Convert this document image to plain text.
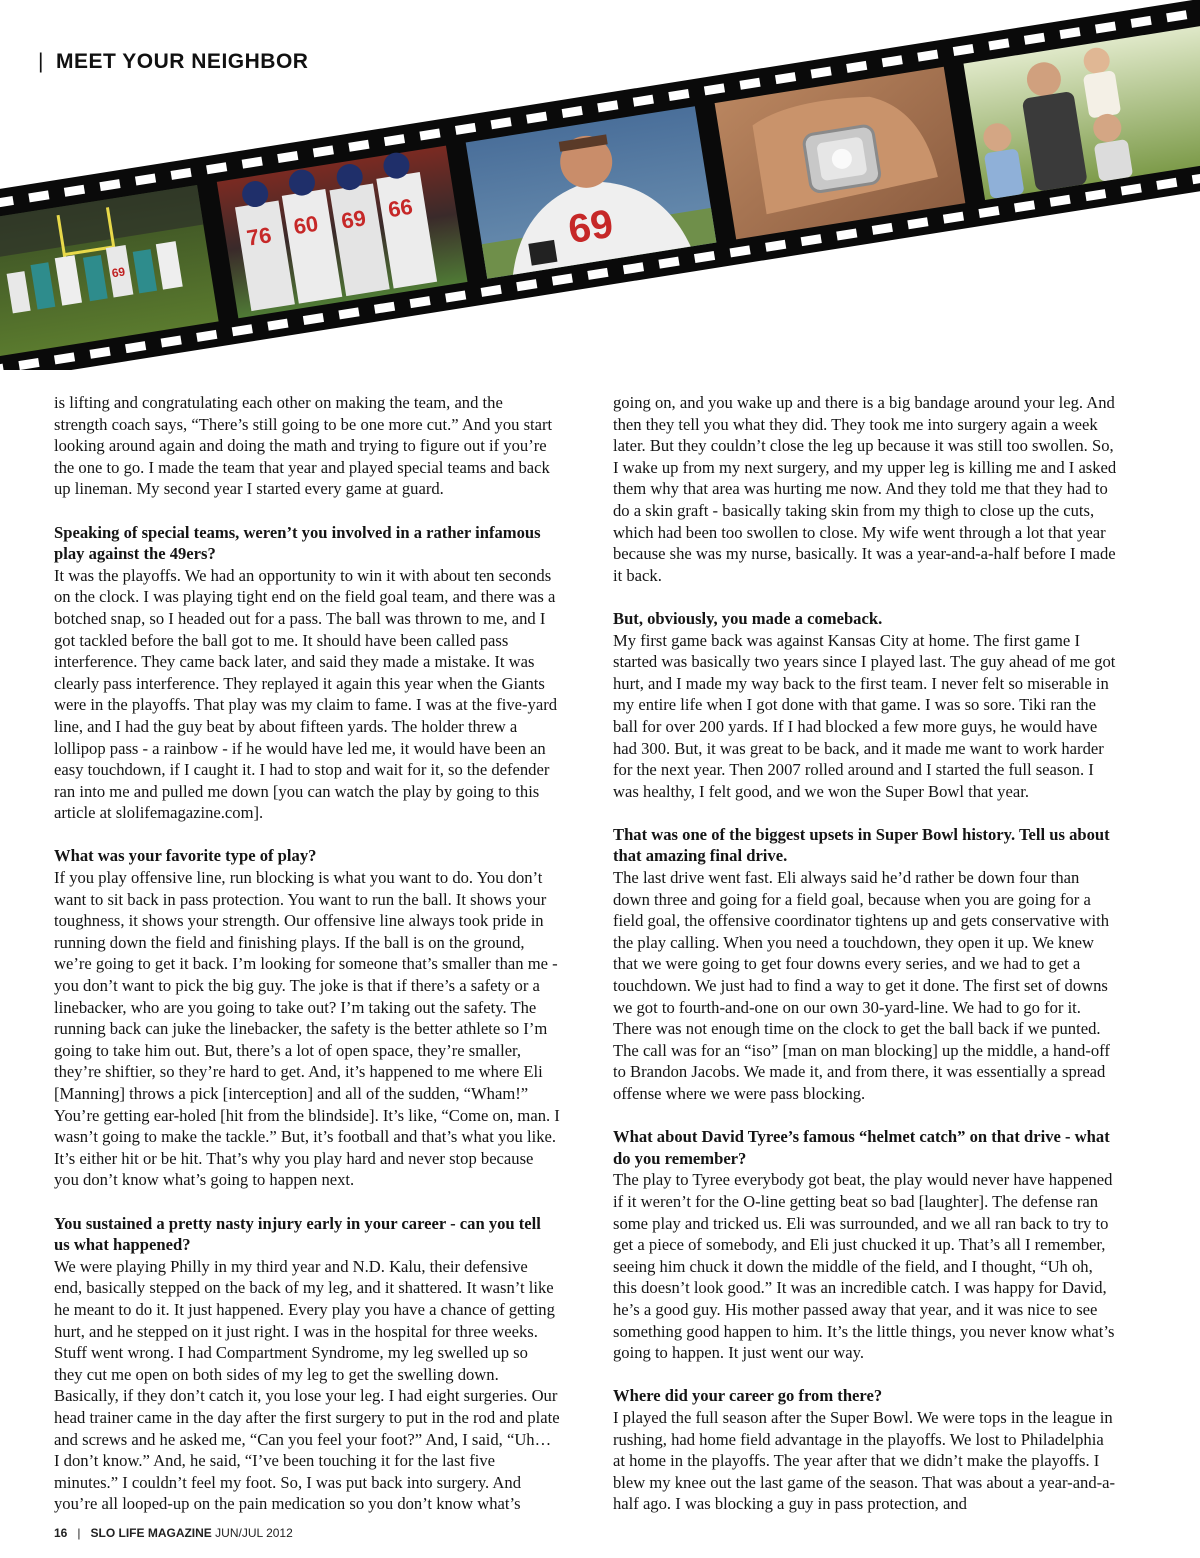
| MEET YOUR NEIGHBOR
69
76 60 69 66	69

is lifting and congratulating each other on making the team, and the strength coach says, “There’s still going to be one more cut.” And you start looking around again and doing the math and trying to figure out if you’re the one to go. I made the team that year and played special teams and back up lineman. My second year I started every game at guard.

Speaking of special teams, weren’t you involved in a rather infamous play against the 49ers?
It was the playoffs. We had an opportunity to win it with about ten seconds on the clock. I was playing tight end on the field goal team, and there was a botched snap, so I headed out for a pass. The ball was thrown to me, and I got tackled before the ball got to me. It should have been called pass interference. They came back later, and said they made a mistake. It was clearly pass interference. They replayed it again this year when the Giants were in the playoffs. That play was my claim to fame. I was at the five-yard line, and I had the guy beat by about fifteen yards. The holder threw a lollipop pass - a rainbow - if he would have led me, it would have been an easy touchdown, if I caught it. I had to stop and wait for it, so the defender ran into me and pulled me down [you can watch the play by going to this article at slolifemagazine.com].

What was your favorite type of play?
If you play offensive line, run blocking is what you want to do. You don’t want to sit back in pass protection. You want to run the ball. It shows your toughness, it shows your strength. Our offensive line always took pride in running down the field and finishing plays. If the ball is on the ground, we’re going to get it back. I’m looking for someone that’s smaller than me - you don’t want to pick the big guy. The joke is that if there’s a safety or a linebacker, who are you going to take out? I’m taking out the safety. The running back can juke the linebacker, the safety is the better athlete so I’m going to take him out. But, there’s a lot of open space, they’re smaller, they’re shiftier, so they’re hard to get. And, it’s happened to me where Eli [Manning] throws a pick [interception] and all of the sudden, “Wham!” You’re getting ear-holed [hit from the blindside]. It’s like, “Come on, man. I wasn’t going to make the tackle.” But, it’s football and that’s what you like. It’s either hit or be hit. That’s why you play hard and never stop because you don’t know what’s going to happen next.

You sustained a pretty nasty injury early in your career - can you tell us what happened?
We were playing Philly in my third year and N.D. Kalu, their defensive end, basically stepped on the back of my leg, and it shattered. It wasn’t like he meant to do it. It just happened. Every play you have a chance of getting hurt, and he stepped on it just right. I was in the hospital for three weeks. Stuff went wrong. I had Compartment Syndrome, my leg swelled up so they cut me open on both sides of my leg to get the swelling down. Basically, if they don’t catch it, you lose your leg. I had eight surgeries. Our head trainer came in the day after the first surgery to put in the rod and plate and screws and he asked me, “Can you feel your foot?” And, I said, “Uh… I don’t know.” And, he said, “I’ve been touching it for the last five minutes.” I couldn’t feel my foot. So, I was put back into surgery. And you’re all looped-up on the pain medication so you don’t know what’s

going on, and you wake up and there is a big bandage around your leg. And then they tell you what they did. They took me into surgery again a week later. But they couldn’t close the leg up because it was still too swollen. So, I wake up from my next surgery, and my upper leg is killing me and I asked them why that area was hurting me now. And they told me that they had to do a skin graft - basically taking skin from my thigh to close up the cuts, which had been too swollen to close. My wife went through a lot that year because she was my nurse, basically. It was a year-and-a-half before I made it back.

But, obviously, you made a comeback.
My first game back was against Kansas City at home. The first game I started was basically two years since I played last. The guy ahead of me got hurt, and I made my way back to the first team. I never felt so miserable in my entire life when I got done with that game. I was so sore. Tiki ran the ball for over 200 yards. If I had blocked a few more guys, he would have had 300. But, it was great to be back, and it made me want to work harder for the next year. Then 2007 rolled around and I started the full season. I was healthy, I felt good, and we won the Super Bowl that year.

That was one of the biggest upsets in Super Bowl history. Tell us about that amazing final drive.
The last drive went fast. Eli always said he’d rather be down four than down three and going for a field goal, because when you are going for a field goal, the offensive coordinator tightens up and gets conservative with the play calling. When you need a touchdown, they open it up. We knew that we were going to get four downs every series, and we had to get a touchdown. We just had to find a way to get it done. The first set of downs we got to fourth-and-one on our own 30-yard-line. We had to go for it. There was not enough time on the clock to get the ball back if we punted. The call was for an “iso” [man on man blocking] up the middle, a hand-off to Brandon Jacobs. We made it, and from there, it was essentially a spread offense where we were pass blocking.

What about David Tyree’s famous “helmet catch” on that drive - what do you remember?
The play to Tyree everybody got beat, the play would never have happened if it weren’t for the O-line getting beat so bad [laughter]. The defense ran some play and tricked us. Eli was surrounded, and we all ran back to try to get a piece of somebody, and Eli just chucked it up. That’s all I remember, seeing him chuck it down the middle of the field, and I thought, “Uh oh, this doesn’t look good.” It was an incredible catch. I was happy for David, he’s a good guy. His mother passed away that year, and it was nice to see something good happen to him. It’s the little things, you never know what’s going to happen. It just went our way.

Where did your career go from there?
I played the full season after the Super Bowl. We were tops in the league in rushing, had home field advantage in the playoffs. We lost to Philadelphia at home in the playoffs. The year after that we didn’t make the playoffs. I blew my knee out the last game of the season. That was about a year-and-a-half ago. I was blocking a guy in pass protection, and

16 | SLO LIFE MAGAZINE JUN/JUL 2012
